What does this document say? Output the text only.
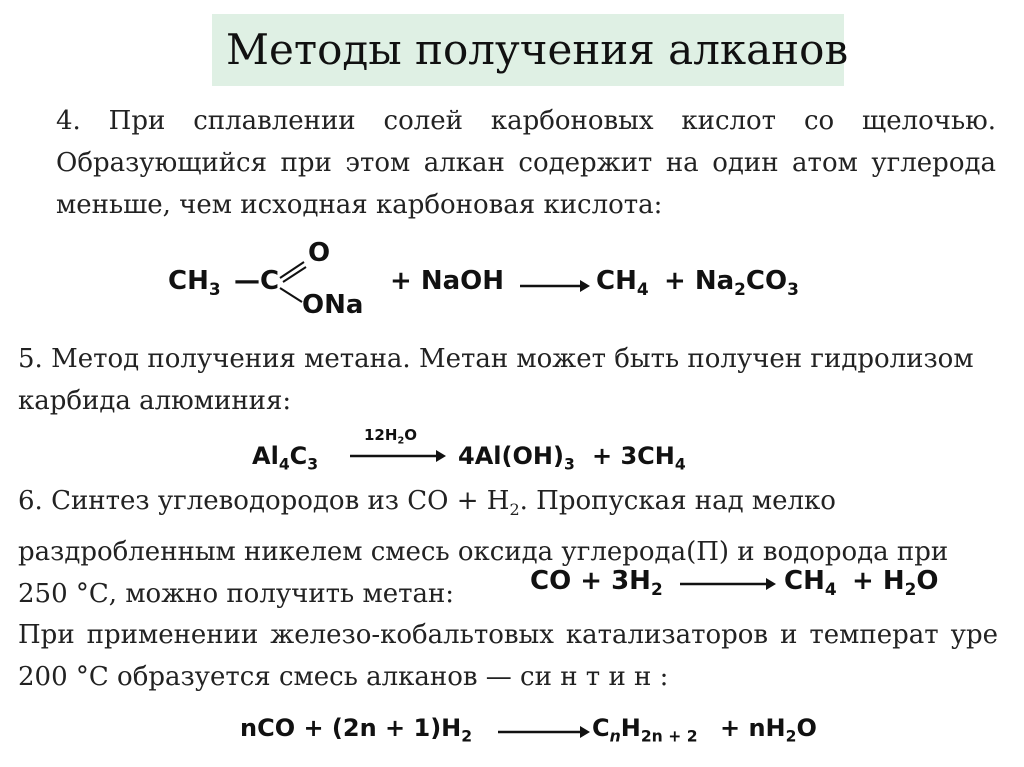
Методы получения алканов
4. При сплавлении солей карбоновых кислот со щелочью. Образующийся при этом алкан содержит на один атом углерода меньше, чем исходная карбоновая кислота:
$CH_3$ —C
O
ONa
+ NaOH	$CH_4 + Na_2CO_3$
5. Метод получения метана. Метан может быть получен гидролизом карбида алюминия:
$Al_4C_3$
$12H_2O$
$4Al(OH)_3 + 3CH_4$
6. Синтез углеводородов из СО + $Н_2$. Пропуская над мелко раздробленным никелем смесь оксида углерода(П) и водорода при 250 °С, можно получить метан:	CO + $3H_2$	$CH_4 + H_2O$
При применении железо-кобальтовых катализаторов и температ уре 200 °С образуется смесь алканов — си н т и н :
nCO + $(2n + 1)H_2$	$C_nH_{2n + 2} + nH_2O$
